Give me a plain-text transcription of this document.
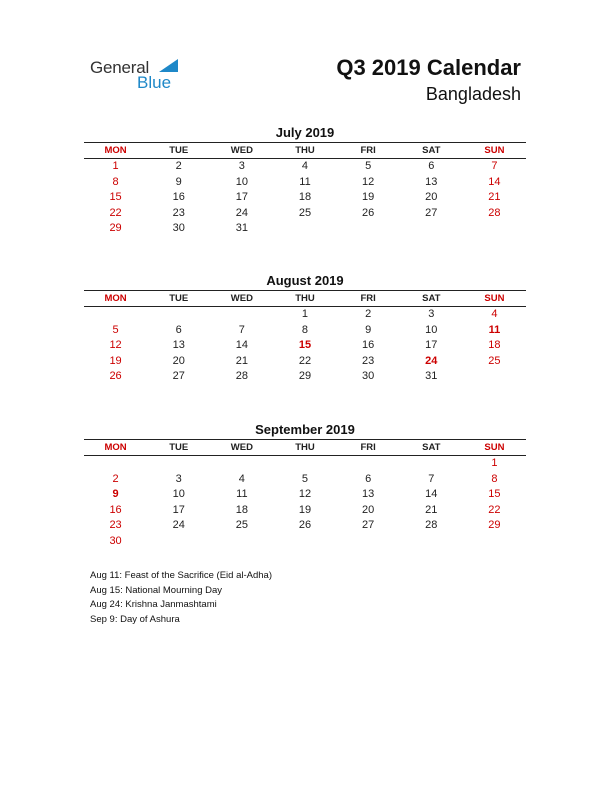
General
Blue
Q3 2019 Calendar
Bangladesh
July 2019
MON	TUE	WED	THU	FRI	SAT	SUN
1	2	3	4	5	6	7
8	9	10	11	12	13	14
15	16	17	18	19	20	21
22	23	24	25	26	27	28
29	30	31				
August 2019
MON	TUE	WED	THU	FRI	SAT	SUN
			1	2	3	4
5	6	7	8	9	10	11
12	13	14	15	16	17	18
19	20	21	22	23	24	25
26	27	28	29	30	31	
September 2019
MON	TUE	WED	THU	FRI	SAT	SUN
						1
2	3	4	5	6	7	8
9	10	11	12	13	14	15
16	17	18	19	20	21	22
23	24	25	26	27	28	29
30						
Aug 11: Feast of the Sacrifice (Eid al-Adha)
Aug 15: National Mourning Day
Aug 24: Krishna Janmashtami
Sep 9: Day of Ashura
